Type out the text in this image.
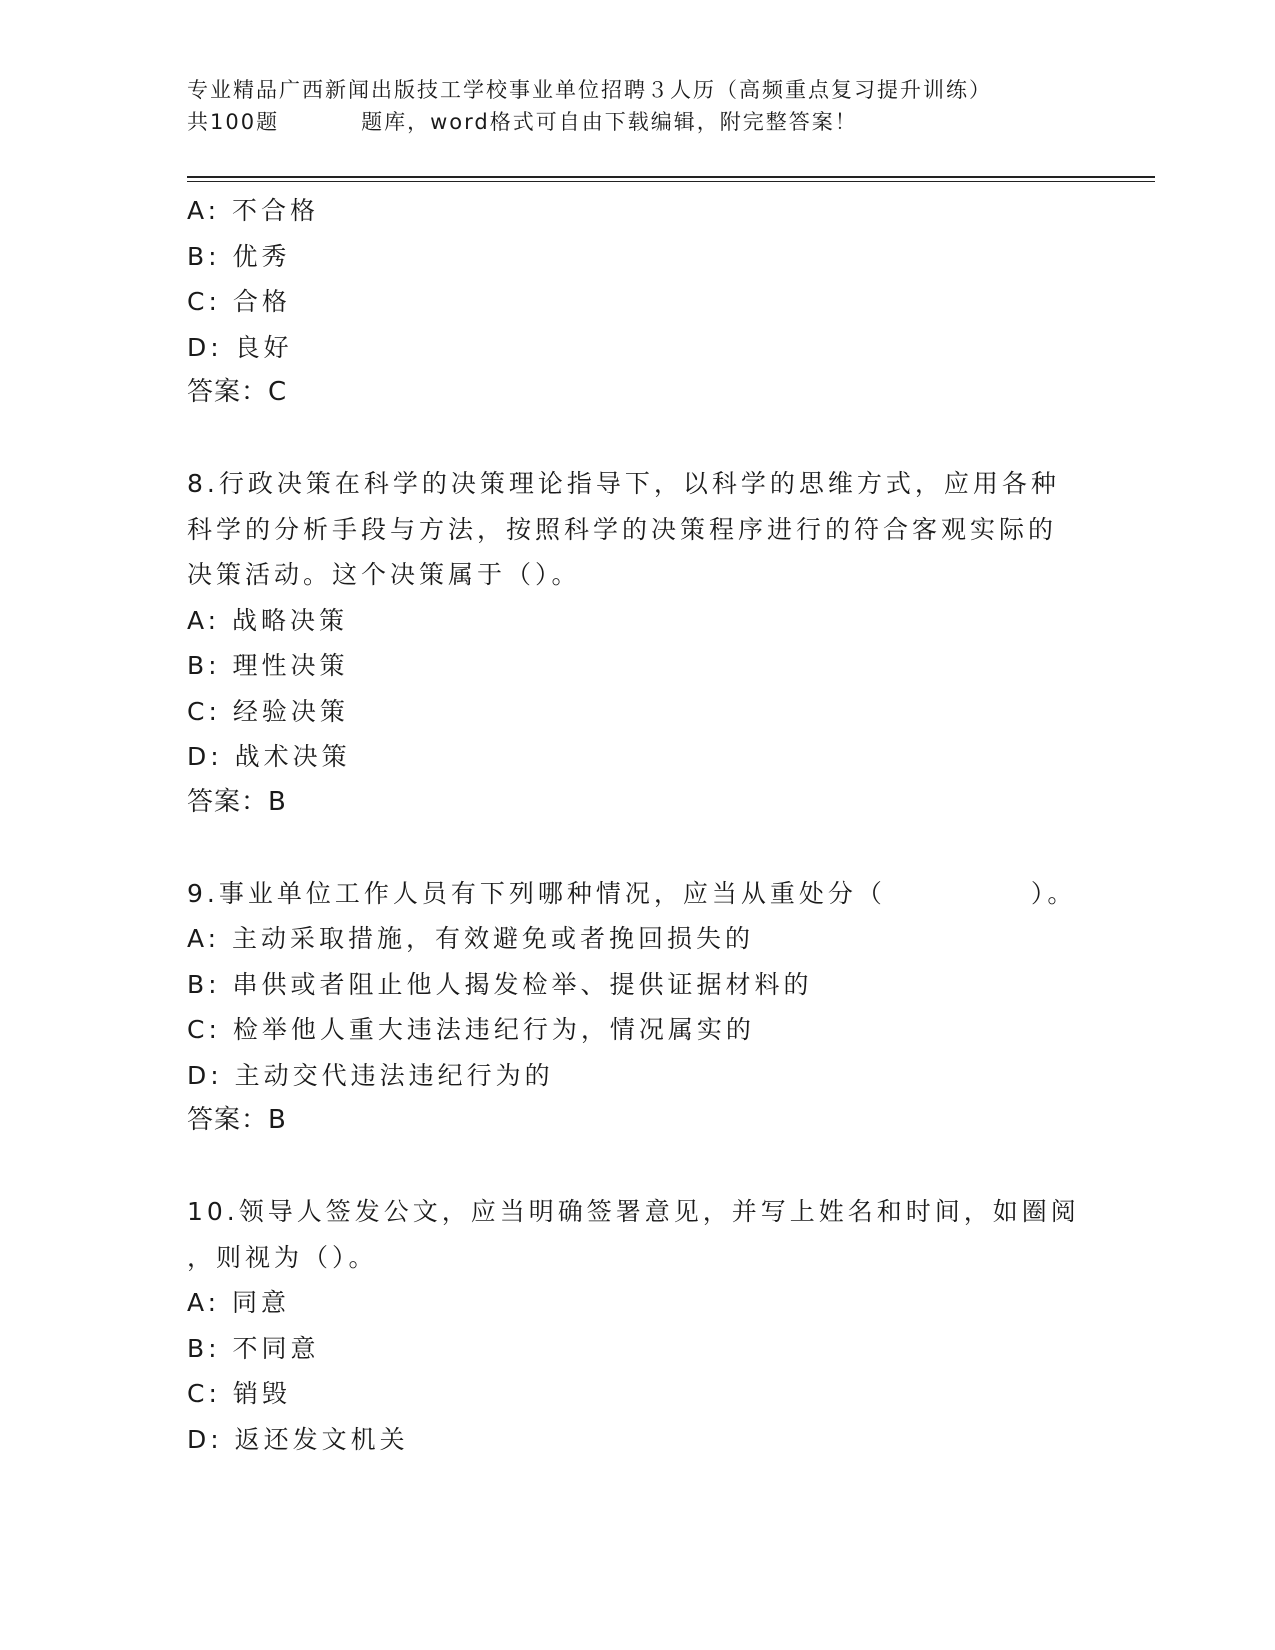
专业精品广西新闻出版技工学校事业单位招聘３人历（高频重点复习提升训练）
共100题	题库，word格式可自由下载编辑，附完整答案！
A: 不合格
B: 优秀
C: 合格
D: 良好
答案：C
8.行政决策在科学的决策理论指导下，以科学的思维方式，应用各种
科学的分析手段与方法，按照科学的决策程序进行的符合客观实际的
决策活动。这个决策属于（）。
A: 战略决策
B: 理性决策
C: 经验决策
D: 战术决策
答案：B
9.事业单位工作人员有下列哪种情况，应当从重处分（　　　　　）。
A: 主动采取措施，有效避免或者挽回损失的
B: 串供或者阻止他人揭发检举、提供证据材料的
C: 检举他人重大违法违纪行为，情况属实的
D: 主动交代违法违纪行为的
答案：B
10.领导人签发公文，应当明确签署意见，并写上姓名和时间，如圈阅
，则视为（）。
A: 同意
B: 不同意
C: 销毁
D: 返还发文机关
